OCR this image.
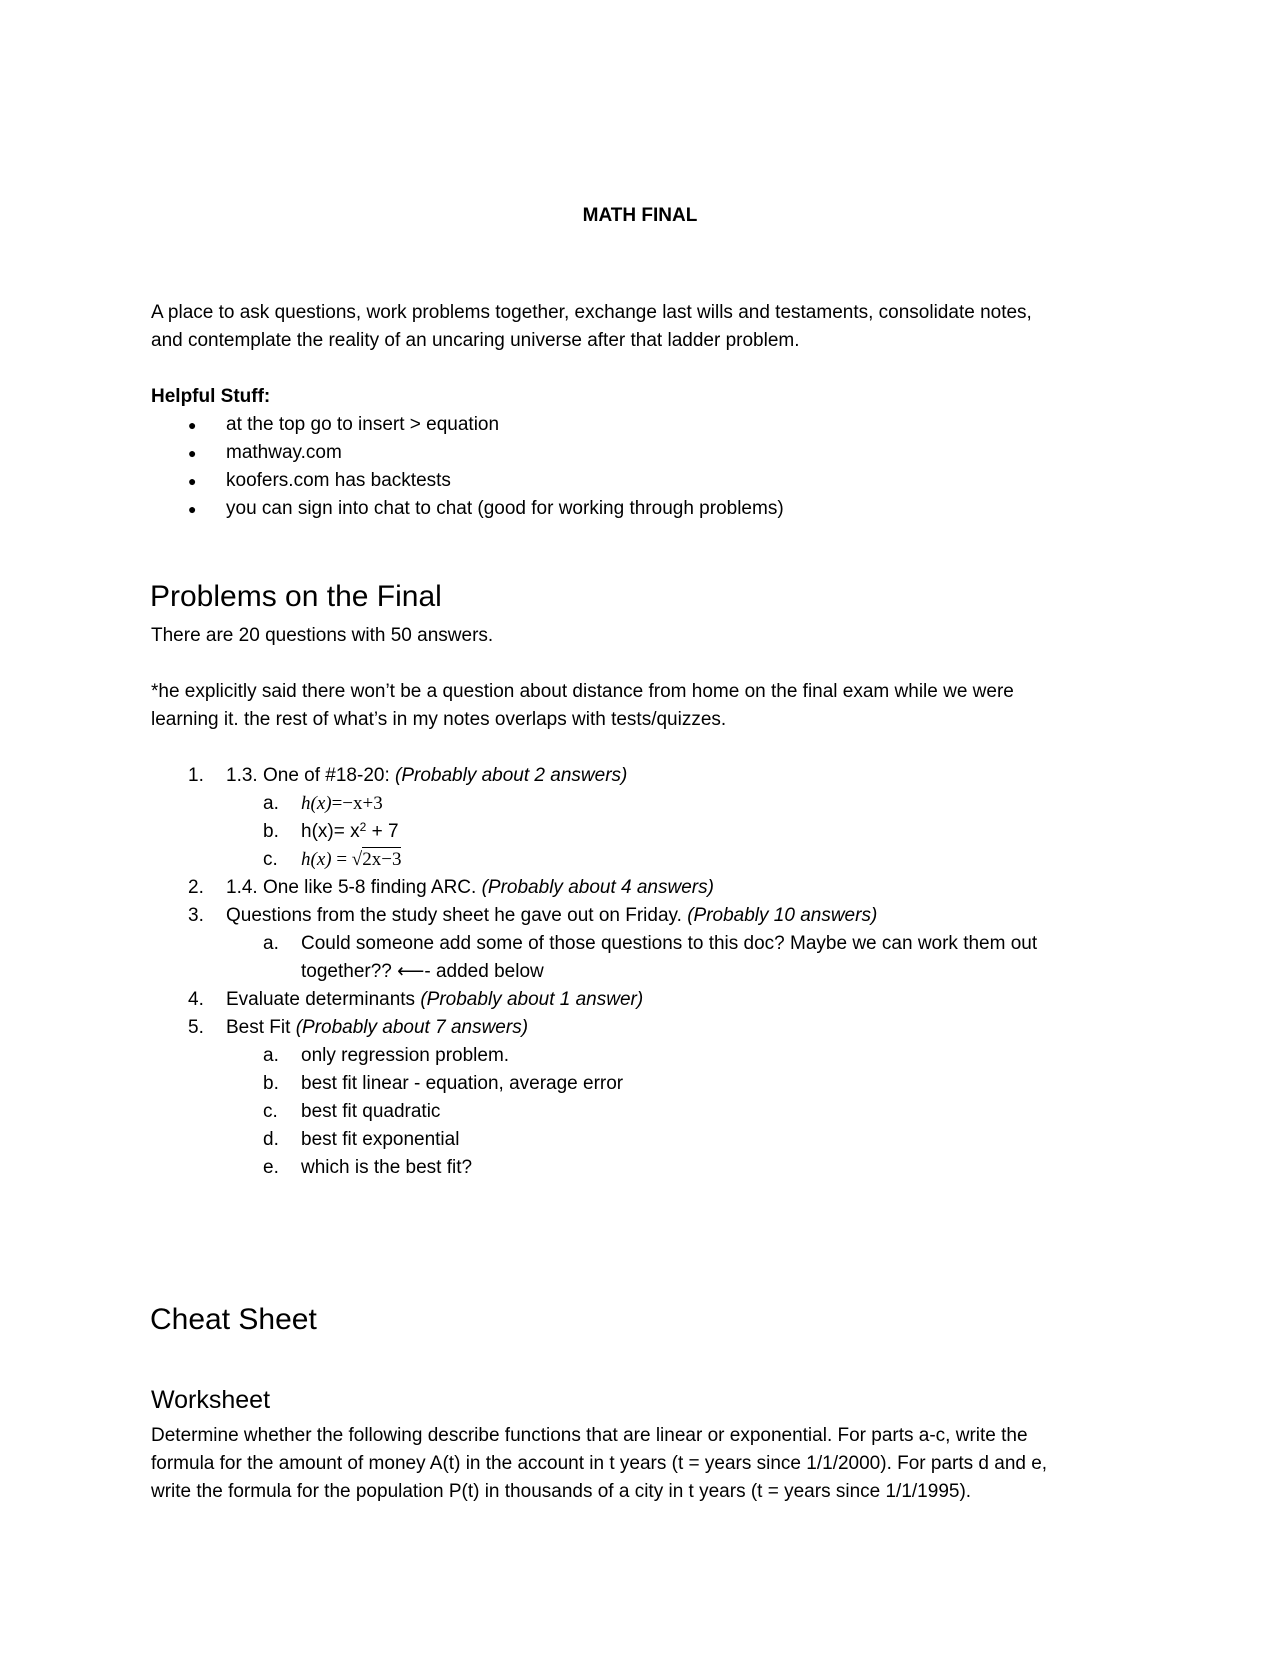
MATH FINAL
A place to ask questions, work problems together, exchange last wills and testaments, consolidate notes,
and contemplate the reality of an uncaring universe after that ladder problem.
Helpful Stuff:
● at the top go to insert > equation
● mathway.com
● koofers.com has backtests
● you can sign into chat to chat (good for working through problems)
Problems on the Final
There are 20 questions with 50 answers.
*he explicitly said there won’t be a question about distance from home on the final exam while we were
learning it. the rest of what’s in my notes overlaps with tests/quizzes.
1. 1.3. One of #18-20: (Probably about 2 answers)
a. h(x)=−x+3
b. $h(x)= x^2 + 7$
c. h(x) = √2x−3
2. 1.4. One like 5-8 finding ARC. (Probably about 4 answers)
3. Questions from the study sheet he gave out on Friday. (Probably 10 answers)
a. Could someone add some of those questions to this doc? Maybe we can work them out
together?? ⟵- added below
4. Evaluate determinants (Probably about 1 answer)
5. Best Fit (Probably about 7 answers)
a. only regression problem.
b. best fit linear - equation, average error
c. best fit quadratic
d. best fit exponential
e. which is the best fit?
Cheat Sheet
Worksheet
Determine whether the following describe functions that are linear or exponential. For parts a-c, write the
formula for the amount of money A(t) in the account in t years (t = years since 1/1/2000). For parts d and e,
write the formula for the population P(t) in thousands of a city in t years (t = years since 1/1/1995).
